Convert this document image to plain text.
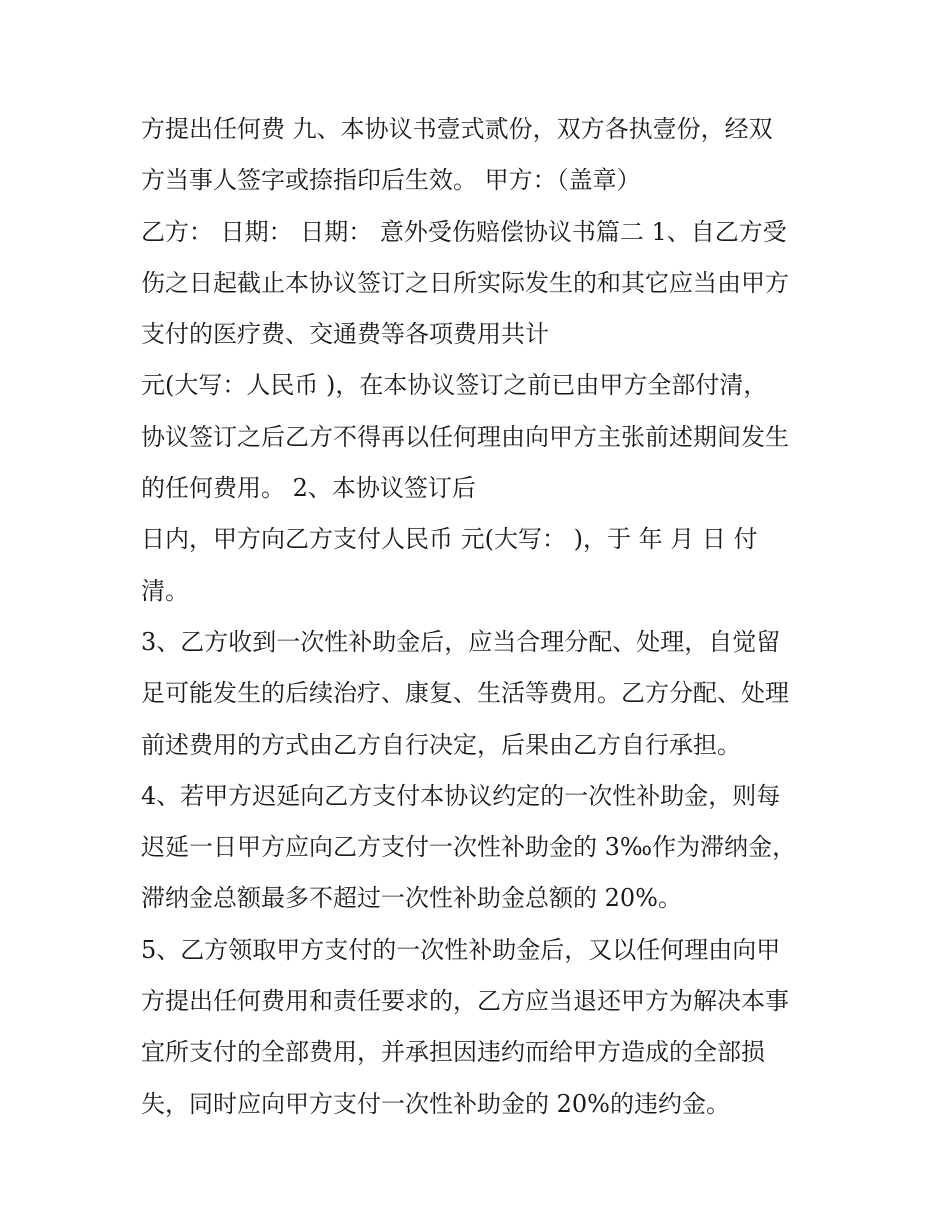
方提出任何费 九、本协议书壹式贰份，双方各执壹份，经双
方当事人签字或捺指印后生效。 甲方：（盖章）
乙方： 日期： 日期： 意外受伤赔偿协议书篇二 1、自乙方受
伤之日起截止本协议签订之日所实际发生的和其它应当由甲方
支付的医疗费、交通费等各项费用共计
元(大写：人民币 )，在本协议签订之前已由甲方全部付清，
协议签订之后乙方不得再以任何理由向甲方主张前述期间发生
的任何费用。 2、本协议签订后
日内，甲方向乙方支付人民币 元(大写： )，于 年 月 日 付
清。
3、乙方收到一次性补助金后，应当合理分配、处理，自觉留
足可能发生的后续治疗、康复、生活等费用。乙方分配、处理
前述费用的方式由乙方自行决定，后果由乙方自行承担。
4、若甲方迟延向乙方支付本协议约定的一次性补助金，则每
迟延一日甲方应向乙方支付一次性补助金的 3‰作为滞纳金，
滞纳金总额最多不超过一次性补助金总额的 20%。
5、乙方领取甲方支付的一次性补助金后，又以任何理由向甲
方提出任何费用和责任要求的，乙方应当退还甲方为解决本事
宜所支付的全部费用，并承担因违约而给甲方造成的全部损
失，同时应向甲方支付一次性补助金的 20%的违约金。
